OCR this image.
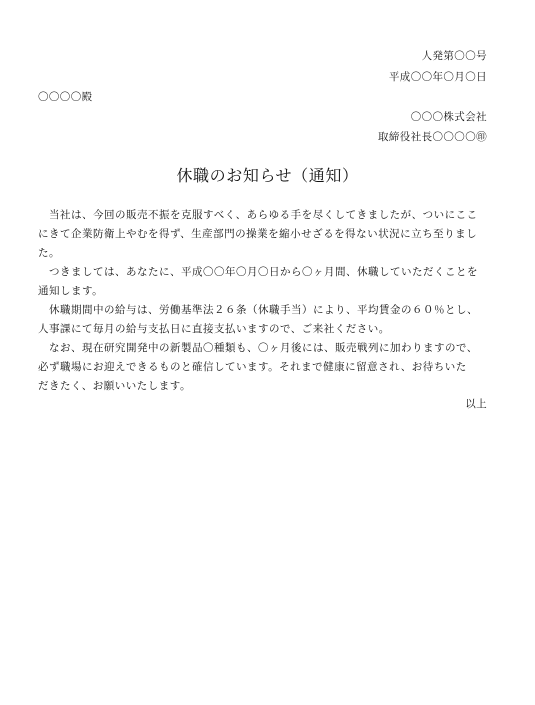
人発第〇〇号
平成〇〇年〇月〇日
〇〇〇〇殿
〇〇〇株式会社
取締役社長〇〇〇〇㊞
休職のお知らせ（通知）

　当社は、今回の販売不振を克服すべく、あらゆる手を尽くしてきましたが、ついにここ

にきて企業防衛上やむを得ず、生産部門の操業を縮小せざるを得ない状況に立ち至りまし

た。

　つきましては、あなたに、平成〇〇年〇月〇日から〇ヶ月間、休職していただくことを

通知します。

　休職期間中の給与は、労働基準法２６条（休職手当）により、平均賃金の６０％とし、

人事課にて毎月の給与支払日に直接支払いますので、ご来社ください。

　なお、現在研究開発中の新製品〇種類も、〇ヶ月後には、販売戦列に加わりますので、

必ず職場にお迎えできるものと確信しています。それまで健康に留意され、お待ちいた

だきたく、お願いいたします。

以上
